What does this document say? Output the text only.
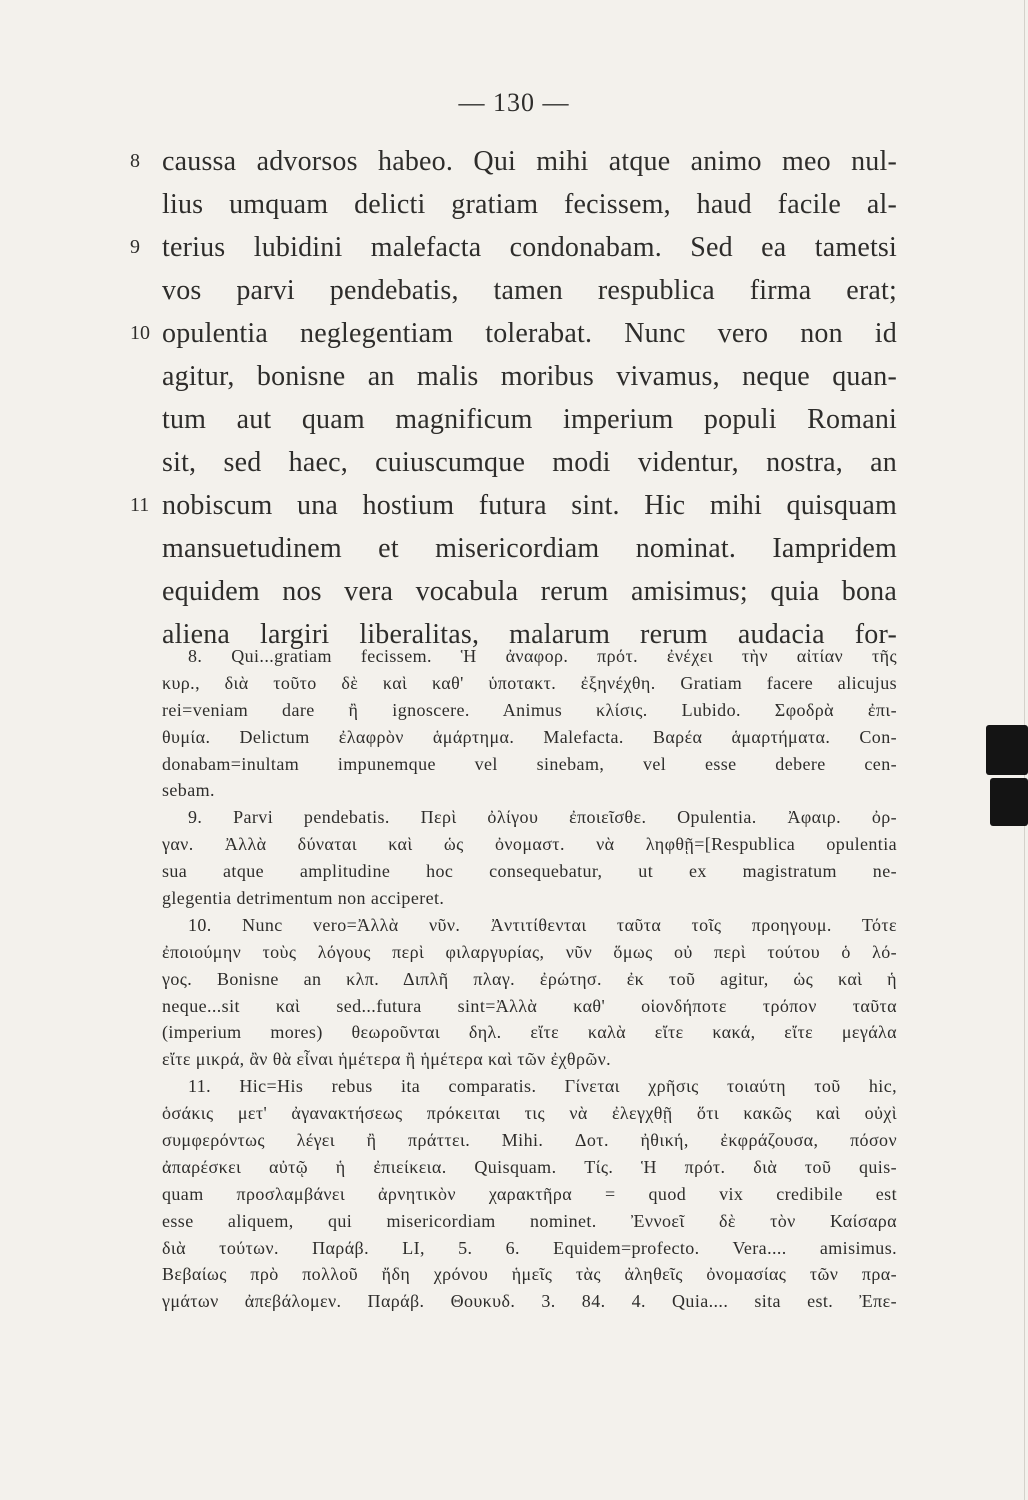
— 130 —
8 caussa advorsos habeo. Qui mihi atque animo meo nul-
lius umquam delicti gratiam fecissem, haud facile al-
9 terius lubidini malefacta condonabam. Sed ea tametsi
vos parvi pendebatis, tamen respublica firma erat;
10 opulentia neglegentiam tolerabat. Nunc vero non id
agitur, bonisne an malis moribus vivamus, neque quan-
tum aut quam magnificum imperium populi Romani
sit, sed haec, cuiuscumque modi videntur, nostra, an
11 nobiscum una hostium futura sint. Hic mihi quisquam
mansuetudinem et misericordiam nominat. Iampridem
equidem nos vera vocabula rerum amisimus; quia bona
aliena largiri liberalitas, malarum rerum audacia for-
8. Qui...gratiam fecissem. Ἡ ἀναφορ. πρότ. ἐνέχει τὴν αἰτίαν τῆς
κυρ., διὰ τοῦτο δὲ καὶ καθ' ὑποτακτ. ἐξηνέχθη. Gratiam facere alicujus
rei=veniam dare ἢ ignoscere. Animus κλίσις. Lubido. Σφοδρὰ ἐπι-
θυμία. Delictum ἐλαφρὸν ἁμάρτημα. Malefacta. Βαρέα ἁμαρτήματα. Con-
donabam=inultam impunemque vel sinebam, vel esse debere cen-
sebam.
9. Parvi pendebatis. Περὶ ὀλίγου ἐποιεῖσθε. Opulentia. Ἀφαιρ. ὀρ-
γαν. Ἀλλὰ δύναται καὶ ὡς ὀνομαστ. νὰ ληφθῇ=[Respublica opulentia
sua atque amplitudine hoc consequebatur, ut ex magistratum ne-
glegentia detrimentum non acciperet.
10. Nunc vero=Ἀλλὰ νῦν. Ἀντιτίθενται ταῦτα τοῖς προηγουμ. Τότε
ἐποιούμην τοὺς λόγους περὶ φιλαργυρίας, νῦν ὅμως οὐ περὶ τούτου ὁ λό-
γος. Bonisne an κλπ. Διπλῆ πλαγ. ἐρώτησ. ἐκ τοῦ agitur, ὡς καὶ ἡ
neque...sit καὶ sed...futura sint=Ἀλλὰ καθ' οἱονδήποτε τρόπον ταῦτα
(imperium mores) θεωροῦνται δηλ. εἴτε καλὰ εἴτε κακά, εἴτε μεγάλα
εἴτε μικρά, ἂν θὰ εἶναι ἡμέτερα ἢ ἡμέτερα καὶ τῶν ἐχθρῶν.
11. Hic=His rebus ita comparatis. Γίνεται χρῆσις τοιαύτη τοῦ hic,
ὁσάκις μετ' ἀγανακτήσεως πρόκειται τις νὰ ἐλεγχθῇ ὅτι κακῶς καὶ οὐχὶ
συμφερόντως λέγει ἢ πράττει. Mihi. Δοτ. ἠθική, ἐκφράζουσα, πόσον
ἀπαρέσκει αὐτῷ ἡ ἐπιείκεια. Quisquam. Τίς. Ἡ πρότ. διὰ τοῦ quis-
quam προσλαμβάνει ἀρνητικὸν χαρακτῆρα = quod vix credibile est
esse aliquem, qui misericordiam nominet. Ἐννοεῖ δὲ τὸν Καίσαρα
διὰ τούτων. Παράβ. LI, 5. 6. Equidem=profecto. Vera.... amisimus.
Βεβαίως πρὸ πολλοῦ ἤδη χρόνου ἡμεῖς τὰς ἀληθεῖς ὀνομασίας τῶν πρα-
γμάτων ἀπεβάλομεν. Παράβ. Θουκυδ. 3. 84. 4. Quia.... sita est. Ἐπε-
